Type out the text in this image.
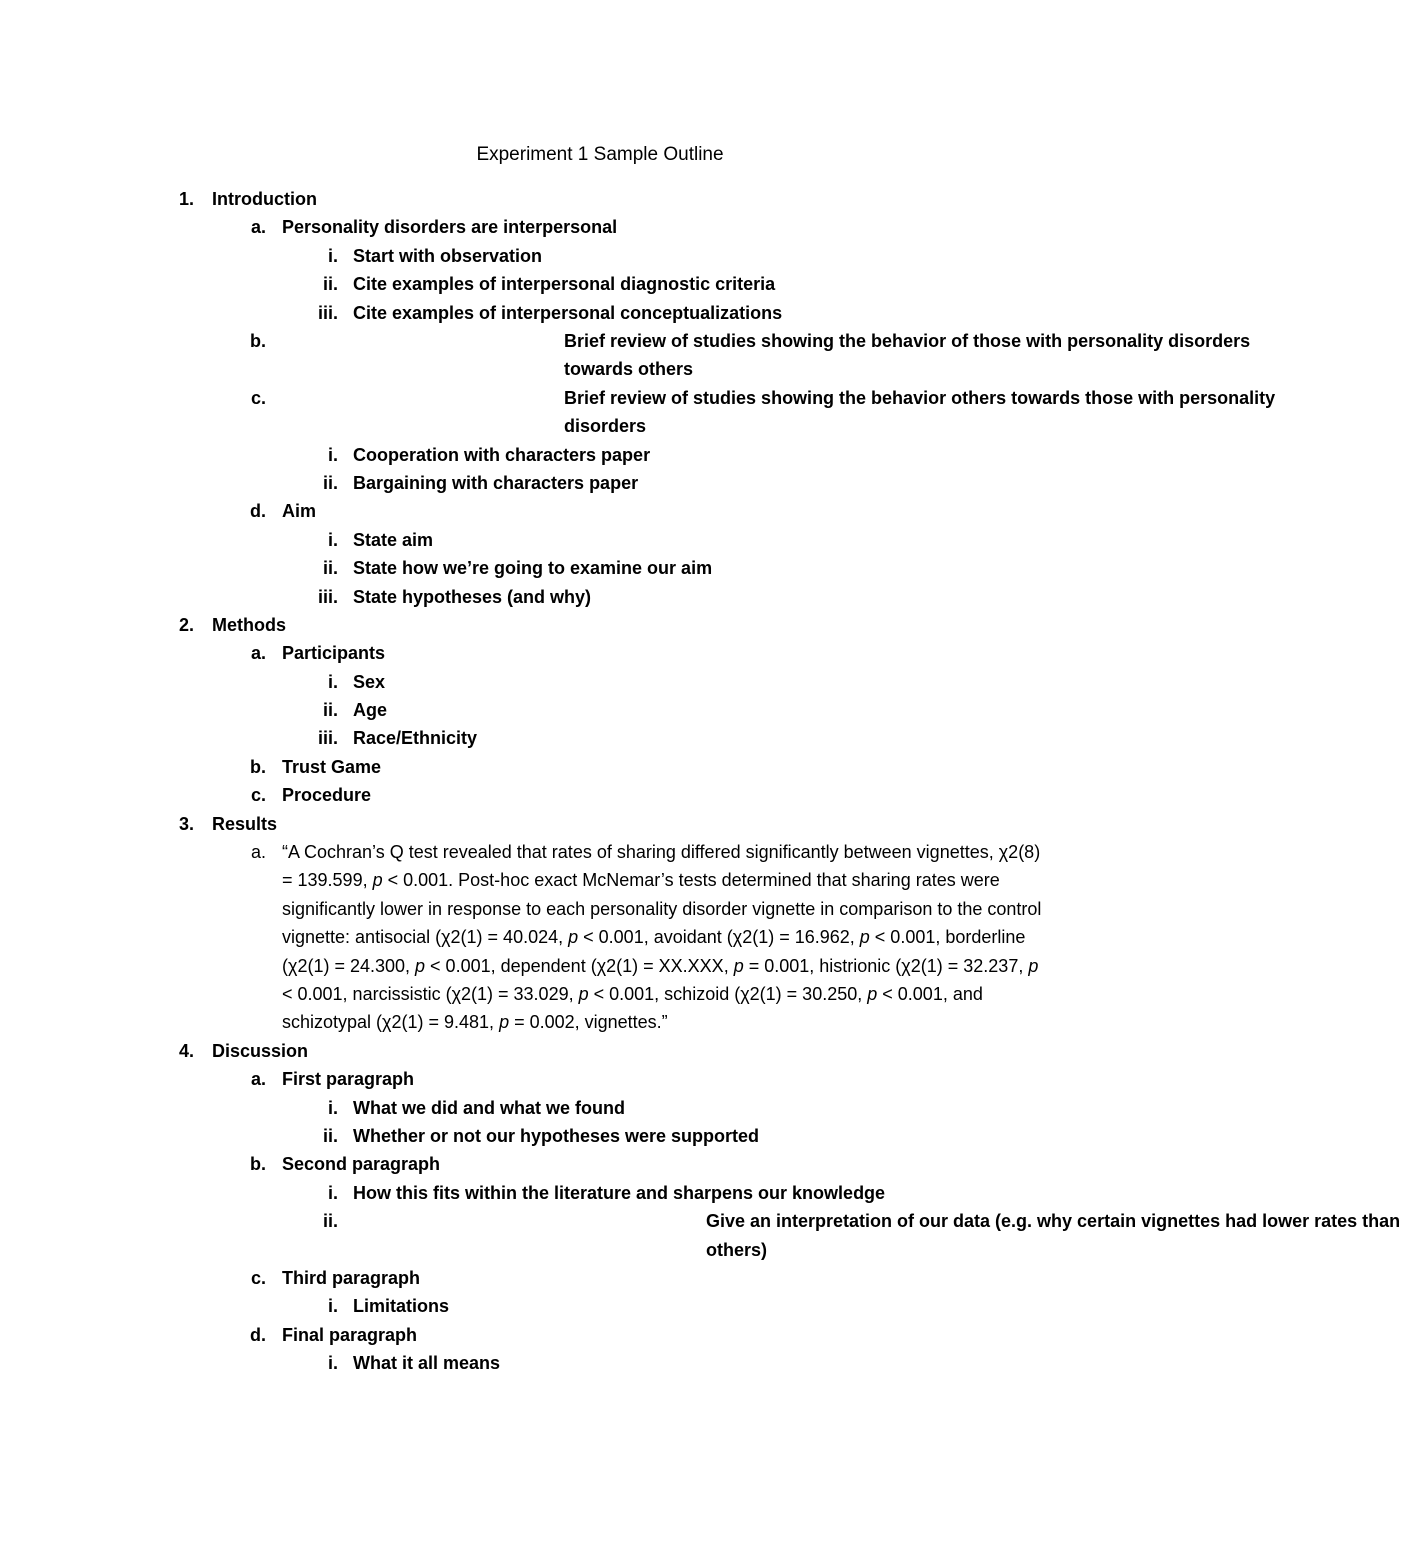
Experiment 1 Sample Outline
1. Introduction
a. Personality disorders are interpersonal
i. Start with observation
ii. Cite examples of interpersonal diagnostic criteria
iii. Cite examples of interpersonal conceptualizations
b.	Brief review of studies showing the behavior of those with personality disorders towards others
c.	Brief review of studies showing the behavior others towards those with personality disorders
i. Cooperation with characters paper
ii. Bargaining with characters paper
d. Aim
i. State aim
ii. State how we’re going to examine our aim
iii. State hypotheses (and why)
2. Methods
a. Participants
i. Sex
ii. Age
iii. Race/Ethnicity
b. Trust Game
c. Procedure
3. Results
a. “A Cochran’s Q test revealed that rates of sharing differed significantly between vignettes, χ2(8) = 139.599, p < 0.001. Post-hoc exact McNemar’s tests determined that sharing rates were significantly lower in response to each personality disorder vignette in comparison to the control vignette: antisocial (χ2(1) = 40.024, p < 0.001, avoidant (χ2(1) = 16.962, p < 0.001, borderline (χ2(1) = 24.300, p < 0.001, dependent (χ2(1) = XX.XXX, p = 0.001, histrionic (χ2(1) = 32.237, p < 0.001, narcissistic (χ2(1) = 33.029, p < 0.001, schizoid (χ2(1) = 30.250, p < 0.001, and schizotypal (χ2(1) = 9.481, p = 0.002, vignettes.”
4. Discussion
a. First paragraph
i. What we did and what we found
ii. Whether or not our hypotheses were supported
b. Second paragraph
i. How this fits within the literature and sharpens our knowledge
ii.	Give an interpretation of our data (e.g. why certain vignettes had lower rates than others)
c. Third paragraph
i. Limitations
d. Final paragraph
i. What it all means
